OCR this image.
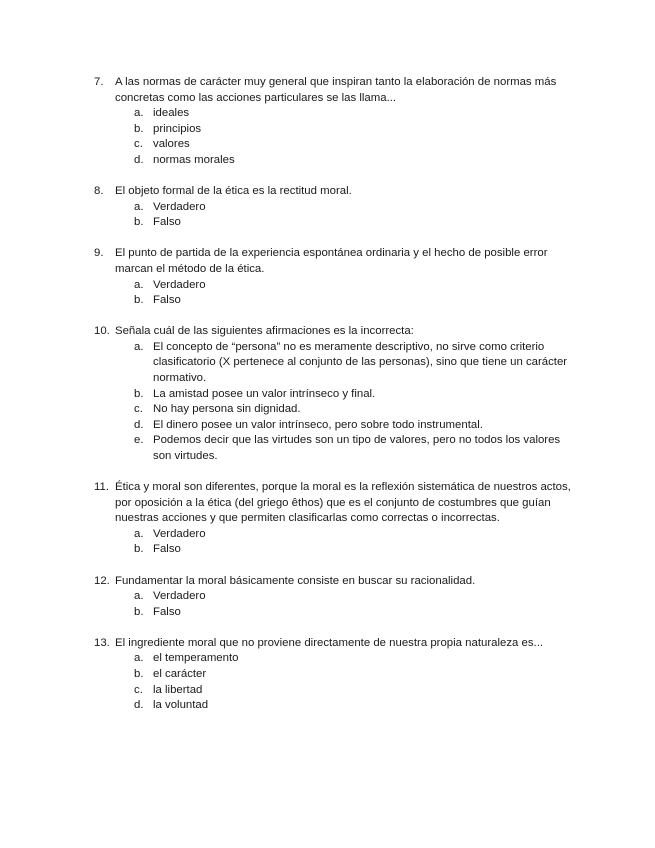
7. A las normas de carácter muy general que inspiran tanto la elaboración de normas más concretas como las acciones particulares se las llama...
a. ideales
b. principios
c. valores
d. normas morales
8. El objeto formal de la ética es la rectitud moral.
a. Verdadero
b. Falso
9. El punto de partida de la experiencia espontánea ordinaria y el hecho de posible error marcan el método de la ética.
a. Verdadero
b. Falso
10. Señala cuál de las siguientes afirmaciones es la incorrecta:
a. El concepto de “persona” no es meramente descriptivo, no sirve como criterio clasificatorio (X pertenece al conjunto de las personas), sino que tiene un carácter normativo.
b. La amistad posee un valor intrínseco y final.
c. No hay persona sin dignidad.
d. El dinero posee un valor intrínseco, pero sobre todo instrumental.
e. Podemos decir que las virtudes son un tipo de valores, pero no todos los valores son virtudes.
11. Ética y moral son diferentes, porque la moral es la reflexión sistemática de nuestros actos, por oposición a la ética (del griego êthos) que es el conjunto de costumbres que guían nuestras acciones y que permiten clasificarlas como correctas o incorrectas.
a. Verdadero
b. Falso
12. Fundamentar la moral básicamente consiste en buscar su racionalidad.
a. Verdadero
b. Falso
13. El ingrediente moral que no proviene directamente de nuestra propia naturaleza es...
a. el temperamento
b. el carácter
c. la libertad
d. la voluntad
